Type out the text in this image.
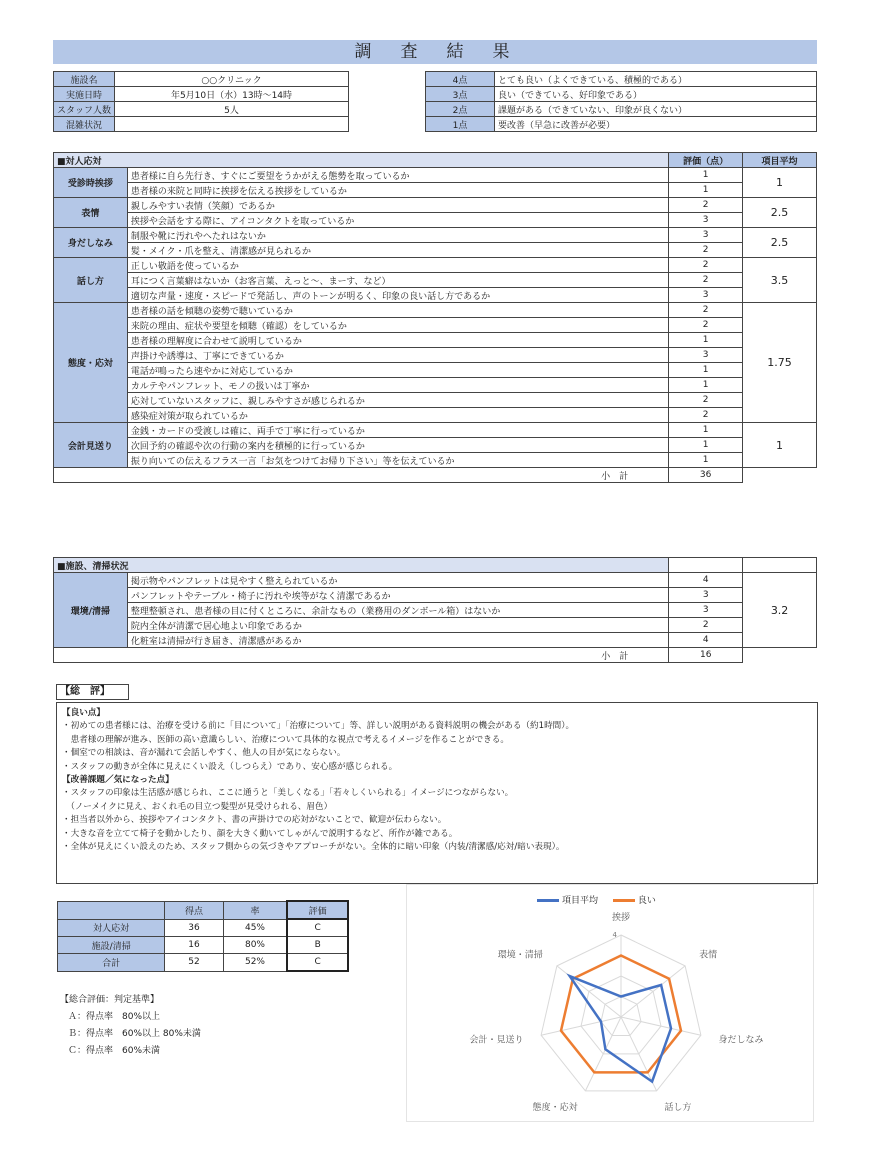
調　査　結　果
施設名	○○クリニック
実施日時	年5月10日（水）13時〜14時
スタッフ人数	5人
混雑状況	
4点	とても良い（よくできている、積極的である）
3点	良い（できている、好印象である）
2点	課題がある（できていない、印象が良くない）
1点	要改善（早急に改善が必要）
■対人応対		評価（点）	項目平均
受診時挨拶	患者様に自ら先行き、すぐにご要望をうかがえる態勢を取っているか	1	1
	患者様の来院と同時に挨拶を伝える挨拶をしているか	1	
表情	親しみやすい表情（笑顔）であるか	2	2.5
	挨拶や会話をする際に、アイコンタクトを取っているか	3	
身だしなみ	制服や靴に汚れやヘたれはないか	3	2.5
	髪・メイク・爪を整え、清潔感が見られるか	2	
話し方	正しい敬語を使っているか	2	3.5
	耳につく言葉癖はないか（お客言葉、えっと〜、まーす、など）	2	
	適切な声量・速度・スピードで発話し、声のトーンが明るく、印象の良い話し方であるか	3	
態度・応対	患者様の話を傾聴の姿勢で聴いているか	2	1.75
	来院の理由、症状や要望を傾聴（確認）をしているか	2	
	患者様の理解度に合わせて説明しているか	1	
	声掛けや誘導は、丁寧にできているか	3	
	電話が鳴ったら速やかに対応しているか	1	
	カルテやパンフレット、モノの扱いは丁寧か	1	
	応対していないスタッフに、親しみやすさが感じられるか	2	
	感染症対策が取られているか	2	
会計見送り	金銭・カードの受渡しは確に、両手で丁寧に行っているか	1	1
	次回予約の確認や次の行動の案内を積極的に行っているか	1	
	振り向いての伝えるフラス一言「お気をつけてお帰り下さい」等を伝えているか	1	
小　計		36	
■施設、清掃状況			
環境/清掃	掲示物やパンフレットは見やすく整えられているか	4	3.2
	パンフレットやテーブル・椅子に汚れや埃等がなく清潔であるか	3	
	整理整頓され、患者様の目に付くところに、余計なもの（業務用のダンボール箱）はないか	3	
	院内全体が清潔で居心地よい印象であるか	2	
	化粧室は清掃が行き届き、清潔感があるか	4	
小　計		16	
【総　評】
【良い点】
・初めての患者様には、治療を受ける前に「目について」「治療について」等、詳しい説明がある資料説明の機会がある（約1時間）。
　患者様の理解が進み、医師の高い意識らしい、治療について具体的な視点で考えるイメージを作ることができる。
・個室での相談は、音が漏れて会話しやすく、他人の目が気にならない。
・スタッフの動きが全体に見えにくい設え（しつらえ）であり、安心感が感じられる。
【改善課題／気になった点】
・スタッフの印象は生活感が感じられ、ここに通うと「美しくなる」「若々しくいられる」イメージにつながらない。
　（ノーメイクに見え、おくれ毛の目立つ髪型が見受けられる、眉色）
・担当者以外から、挨拶やアイコンタクト、書の声掛けでの応対がないことで、歓迎が伝わらない。
・大きな音を立てて椅子を動かしたり、顔を大きく動いてしゃがんで説明するなど、所作が雑である。
・全体が見えにくい設えのため、スタッフ側からの気づきやアプローチがない。全体的に暗い印象（内装/清潔感/応対/暗い表現）。
	得点	率	評価
対人応対	36	45%	C
施設/清掃	16	80%	B
合計	52	52%	C
【総合評価：判定基準】
Ａ：得点率　80%以上
Ｂ：得点率　60%以上 80%未満
Ｃ：得点率　60%未満
項目平均	良い
挨拶
表情
身だしなみ
話し方
態度・応対
会計・見送り
環境・清掃
4
